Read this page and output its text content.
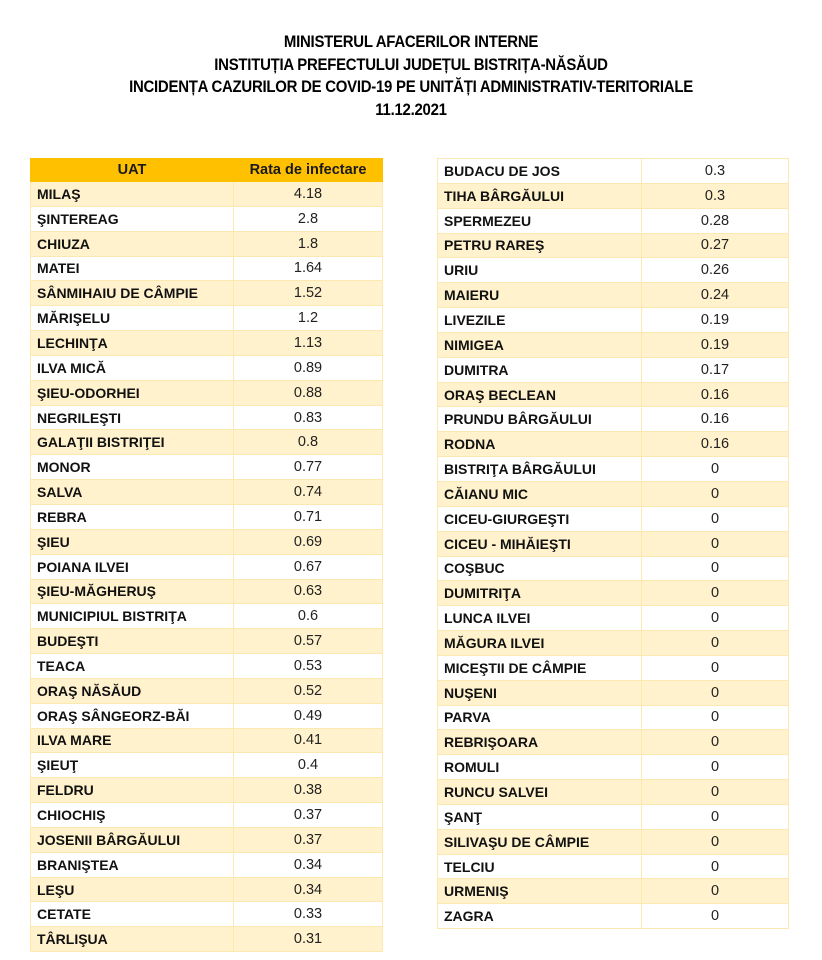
MINISTERUL AFACERILOR INTERNE
INSTITUȚIA PREFECTULUI JUDEȚUL BISTRIȚA-NĂSĂUD
INCIDENȚA CAZURILOR DE COVID-19 PE UNITĂȚI ADMINISTRATIV-TERITORIALE
11.12.2021
UAT	Rata de infectare
MILAŞ	4.18
ŞINTEREAG	2.8
CHIUZA	1.8
MATEI	1.64
SÂNMIHAIU DE CÂMPIE	1.52
MĂRIŞELU	1.2
LECHINŢA	1.13
ILVA MICĂ	0.89
ŞIEU-ODORHEI	0.88
NEGRILEŞTI	0.83
GALAŢII BISTRIŢEI	0.8
MONOR	0.77
SALVA	0.74
REBRA	0.71
ŞIEU	0.69
POIANA ILVEI	0.67
ŞIEU-MĂGHERUŞ	0.63
MUNICIPIUL BISTRIŢA	0.6
BUDEŞTI	0.57
TEACA	0.53
ORAŞ NĂSĂUD	0.52
ORAŞ SÂNGEORZ-BĂI	0.49
ILVA MARE	0.41
ŞIEUŢ	0.4
FELDRU	0.38
CHIOCHIŞ	0.37
JOSENII BÂRGĂULUI	0.37
BRANIŞTEA	0.34
LEŞU	0.34
CETATE	0.33
TÂRLIŞUA	0.31
BUDACU DE JOS	0.3
TIHA BÂRGĂULUI	0.3
SPERMEZEU	0.28
PETRU RAREŞ	0.27
URIU	0.26
MAIERU	0.24
LIVEZILE	0.19
NIMIGEA	0.19
DUMITRA	0.17
ORAŞ BECLEAN	0.16
PRUNDU BÂRGĂULUI	0.16
RODNA	0.16
BISTRIŢA BÂRGĂULUI	0
CĂIANU MIC	0
CICEU-GIURGEŞTI	0
CICEU - MIHĂIEŞTI	0
COŞBUC	0
DUMITRIŢA	0
LUNCA ILVEI	0
MĂGURA ILVEI	0
MICEŞTII DE CÂMPIE	0
NUŞENI	0
PARVA	0
REBRIŞOARA	0
ROMULI	0
RUNCU SALVEI	0
ŞANŢ	0
SILIVAŞU DE CÂMPIE	0
TELCIU	0
URMENIŞ	0
ZAGRA	0
